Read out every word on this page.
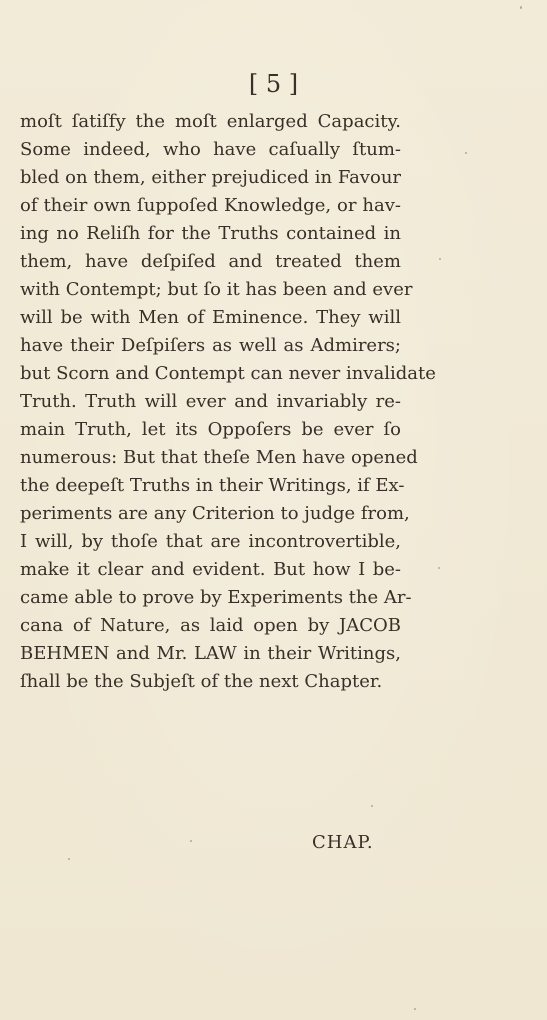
[ 5 ]
moſt ſatiſfy the moſt enlarged Capacity.
Some indeed, who have caſually ſtum-
bled on them, either prejudiced in Favour
of their own ſuppoſed Knowledge, or hav-
ing no Reliſh for the Truths contained in
them, have deſpiſed and treated them
with Contempt; but ſo it has been and ever
will be with Men of Eminence. They will
have their Deſpiſers as well as Admirers;
but Scorn and Contempt can never invalidate
Truth. Truth will ever and invariably re-
main Truth, let its Oppoſers be ever ſo
numerous: But that theſe Men have opened
the deepeſt Truths in their Writings, if Ex-
periments are any Criterion to judge from,
I will, by thoſe that are incontrovertible,
make it clear and evident. But how I be-
came able to prove by Experiments the Ar-
cana of Nature, as laid open by JACOB
BEHMEN and Mr. LAW in their Writings,
ſhall be the Subjeſt of the next Chapter.
CHAP.
